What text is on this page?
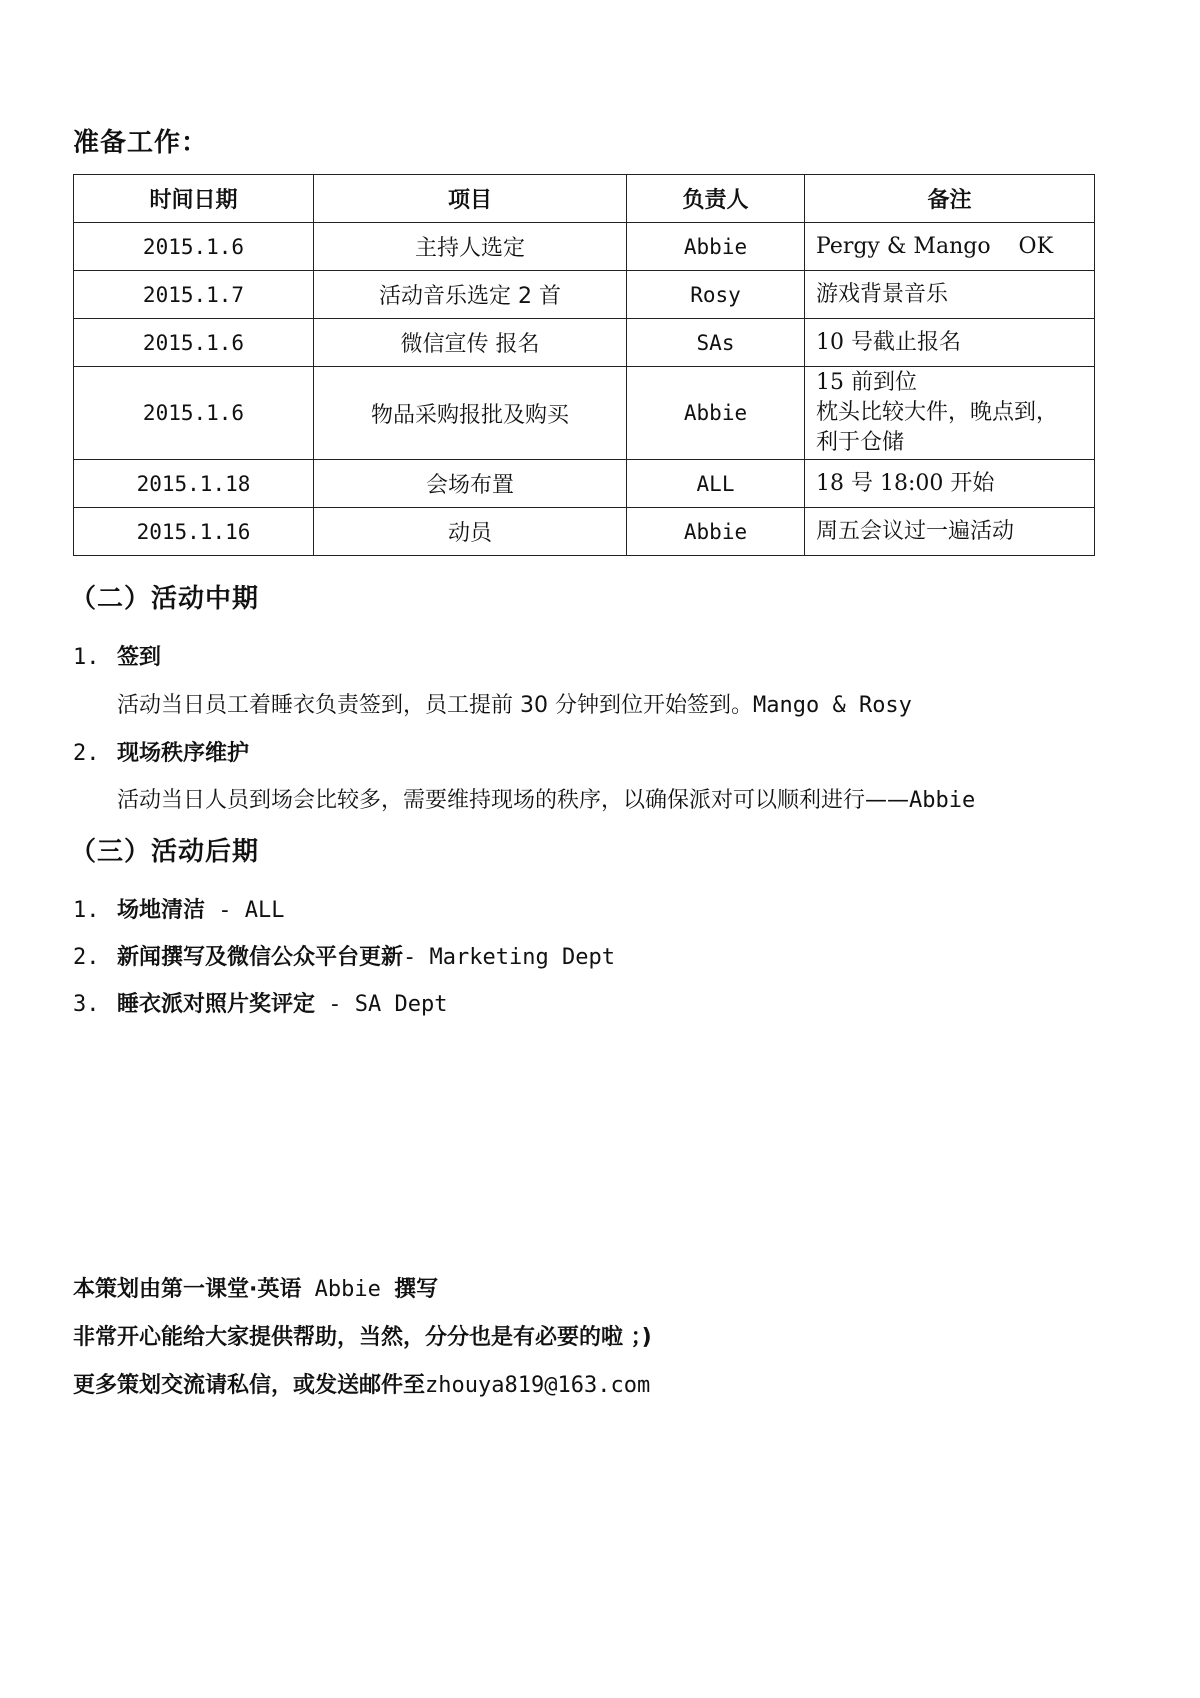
准备工作：
时间日期	项目	负责人	备注
2015.1.6	主持人选定	Abbie	Pergy & Mango    OK
2015.1.7	活动音乐选定 2 首	Rosy	游戏背景音乐
2015.1.6	微信宣传 报名	SAs	10 号截止报名
2015.1.6	物品采购报批及购买	Abbie	15 前到位
枕头比较大件，晚点到，
利于仓储

2015.1.18	会场布置	ALL	18 号 18:00 开始
2015.1.16	动员	Abbie	周五会议过一遍活动
（二）活动中期
1. 签到
活动当日员工着睡衣负责签到，员工提前 30 分钟到位开始签到。Mango & Rosy
2. 现场秩序维护
活动当日人员到场会比较多，需要维持现场的秩序，以确保派对可以顺利进行——Abbie
（三）活动后期
1. 场地清洁 - ALL
2. 新闻撰写及微信公众平台更新- Marketing Dept
3. 睡衣派对照片奖评定 - SA Dept
本策划由第一课堂·英语 Abbie 撰写
非常开心能给大家提供帮助，当然，分分也是有必要的啦 ；)
更多策划交流请私信，或发送邮件至zhouya819@163.com
